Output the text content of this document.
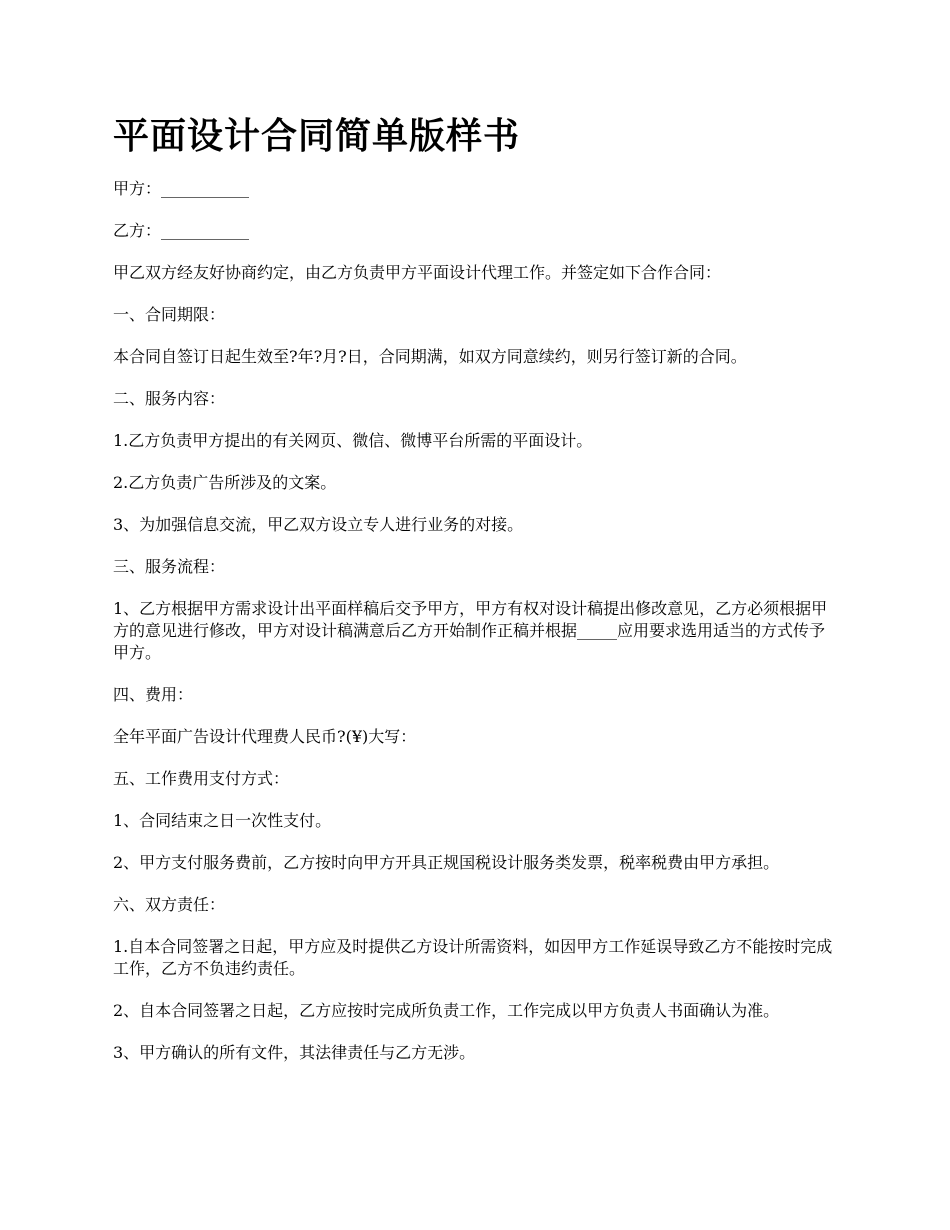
平面设计合同简单版样书

甲方：___________

乙方：___________

甲乙双方经友好协商约定，由乙方负责甲方平面设计代理工作。并签定如下合作合同：

一、合同期限：

本合同自签订日起生效至?年?月?日，合同期满，如双方同意续约，则另行签订新的合同。

二、服务内容：

1.乙方负责甲方提出的有关网页、微信、微博平台所需的平面设计。

2.乙方负责广告所涉及的文案。

3、为加强信息交流，甲乙双方设立专人进行业务的对接。

三、服务流程：

1、乙方根据甲方需求设计出平面样稿后交予甲方，甲方有权对设计稿提出修改意见，乙方必须根据甲方的意见进行修改，甲方对设计稿满意后乙方开始制作正稿并根据_____应用要求选用适当的方式传予甲方。

四、费用：

全年平面广告设计代理费人民币?(¥)大写：

五、工作费用支付方式：

1、合同结束之日一次性支付。

2、甲方支付服务费前，乙方按时向甲方开具正规国税设计服务类发票，税率税费由甲方承担。

六、双方责任：

1.自本合同签署之日起，甲方应及时提供乙方设计所需资料，如因甲方工作延误导致乙方不能按时完成工作，乙方不负违约责任。

2、自本合同签署之日起，乙方应按时完成所负责工作，工作完成以甲方负责人书面确认为准。

3、甲方确认的所有文件，其法律责任与乙方无涉。
